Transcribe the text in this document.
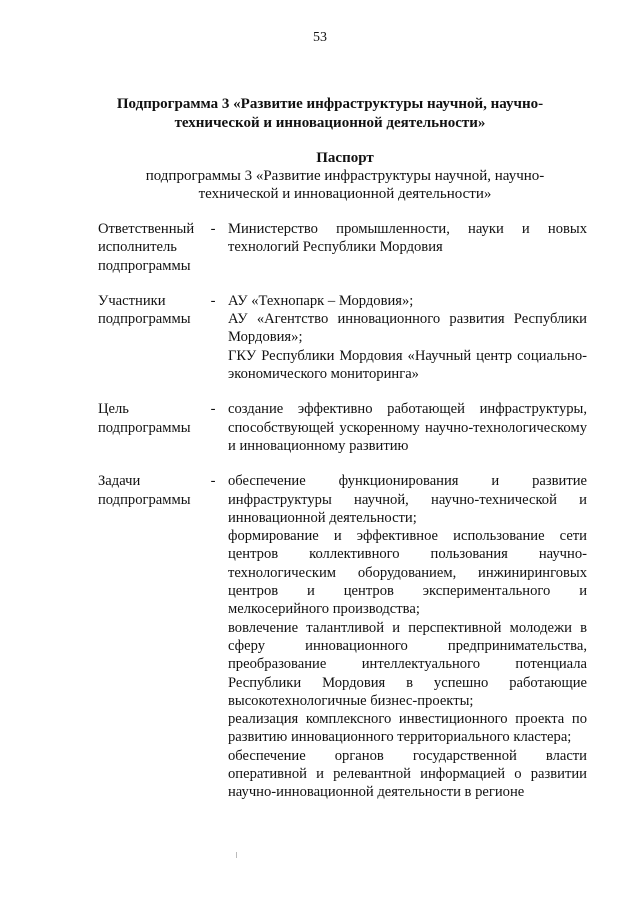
53
Подпрограмма 3 «Развитие инфраструктуры научной, научно-технической и инновационной деятельности»
Паспорт
подпрограммы 3 «Развитие инфраструктуры научной, научно-технической и инновационной деятельности»
Ответственный исполнитель подпрограммы
- Министерство промышленности, науки и новых технологий Республики Мордовия

Участники подпрограммы
- АУ «Технопарк – Мордовия»;

АУ «Агентство инновационного развития Республики Мордовия»;

ГКУ Республики Мордовия «Научный центр социально-экономического мониторинга»

Цель подпрограммы
- создание эффективно работающей инфраструктуры, способствующей ускоренному научно-технологическому и инновационному развитию

Задачи подпрограммы
- обеспечение функционирования и развитие инфраструктуры научной, научно-технической и инновационной деятельности;

формирование и эффективное использование сети центров коллективного пользования научно-технологическим оборудованием, инжиниринговых центров и центров экспериментального и мелкосерийного производства;

вовлечение талантливой и перспективной молодежи в сферу инновационного предпринимательства, преобразование интеллектуального потенциала Республики Мордовия в успешно работающие высокотехнологичные бизнес-проекты;

реализация комплексного инвестиционного проекта по развитию инновационного территориального кластера;

обеспечение органов государственной власти оперативной и релевантной информацией о развитии научно-инновационной деятельности в регионе
